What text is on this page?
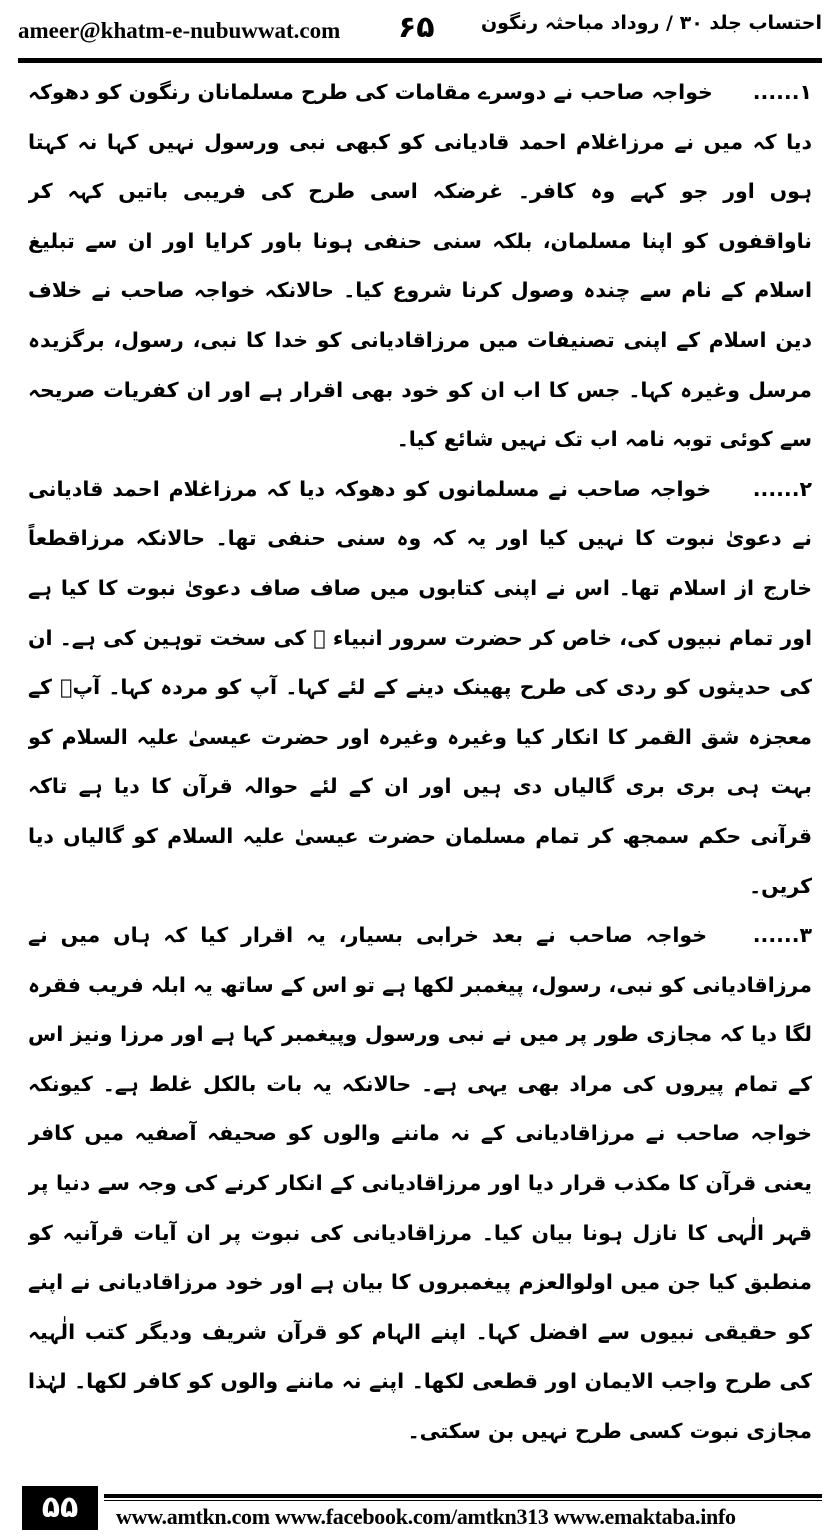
ameer@khatm-e-nubuwwat.com ۶۵ احتساب جلد ۳۰ / روداد مباحثہ رنگون

۱...... خواجہ صاحب نے دوسرے مقامات کی طرح مسلمانان رنگون کو دھوکہ دیا کہ میں نے مرزاغلام احمد قادیانی کو کبھی نبی ورسول نہیں کہا نہ کہتا ہوں اور جو کہے وہ کافر۔ غرضکہ اسی طرح کی فریبی باتیں کہہ کر ناواقفوں کو اپنا مسلمان، بلکہ سنی حنفی ہونا باور کرایا اور ان سے تبلیغ اسلام کے نام سے چندہ وصول کرنا شروع کیا۔ حالانکہ خواجہ صاحب نے خلاف دین اسلام کے اپنی تصنیفات میں مرزاقادیانی کو خدا کا نبی، رسول، برگزیدہ مرسل وغیرہ کہا۔ جس کا اب ان کو خود بھی اقرار ہے اور ان کفریات صریحہ سے کوئی توبہ نامہ اب تک نہیں شائع کیا۔

۲...... خواجہ صاحب نے مسلمانوں کو دھوکہ دیا کہ مرزاغلام احمد قادیانی نے دعویٰ نبوت کا نہیں کیا اور یہ کہ وہ سنی حنفی تھا۔ حالانکہ مرزاقطعاً خارج از اسلام تھا۔ اس نے اپنی کتابوں میں صاف صاف دعویٰ نبوت کا کیا ہے اور تمام نبیوں کی، خاص کر حضرت سرور انبیاء ﷺ کی سخت توہین کی ہے۔ ان کی حدیثوں کو ردی کی طرح پھینک دینے کے لئے کہا۔ آپ کو مردہ کہا۔ آپؐ کے معجزہ شق القمر کا انکار کیا وغیرہ وغیرہ اور حضرت عیسیٰ علیہ السلام کو بہت ہی بری بری گالیاں دی ہیں اور ان کے لئے حوالہ قرآن کا دیا ہے تاکہ قرآنی حکم سمجھ کر تمام مسلمان حضرت عیسیٰ علیہ السلام کو گالیاں دیا کریں۔

۳...... خواجہ صاحب نے بعد خرابی بسیار، یہ اقرار کیا کہ ہاں میں نے مرزاقادیانی کو نبی، رسول، پیغمبر لکھا ہے تو اس کے ساتھ یہ ابلہ فریب فقرہ لگا دیا کہ مجازی طور پر میں نے نبی ورسول وپیغمبر کہا ہے اور مرزا ونیز اس کے تمام پیروں کی مراد بھی یہی ہے۔ حالانکہ یہ بات بالکل غلط ہے۔ کیونکہ خواجہ صاحب نے مرزاقادیانی کے نہ ماننے والوں کو صحیفہ آصفیہ میں کافر یعنی قرآن کا مکذب قرار دیا اور مرزاقادیانی کے انکار کرنے کی وجہ سے دنیا پر قہر الٰہی کا نازل ہونا بیان کیا۔ مرزاقادیانی کی نبوت پر ان آیات قرآنیہ کو منطبق کیا جن میں اولوالعزم پیغمبروں کا بیان ہے اور خود مرزاقادیانی نے اپنے کو حقیقی نبیوں سے افضل کہا۔ اپنے الہام کو قرآن شریف ودیگر کتب الٰہیہ کی طرح واجب الایمان اور قطعی لکھا۔ اپنے نہ ماننے والوں کو کافر لکھا۔ لہٰذا مجازی نبوت کسی طرح نہیں بن سکتی۔

۵۵	www.amtkn.com www.facebook.com/amtkn313 www.emaktaba.info
